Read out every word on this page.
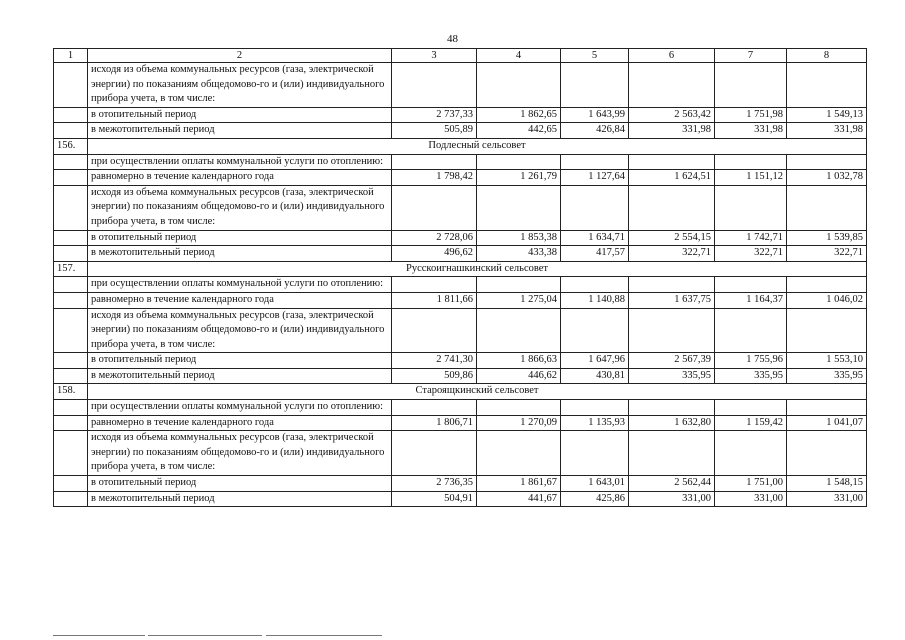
48
1	2	3	4	5	6	7	8
	исходя из объема коммунальных ресурсов (газа, электрической энергии) по показаниям общедомово-го и (или) индивидуального прибора учета, в том числе:						
	в отопительный период	2 737,33	1 862,65	1 643,99	2 563,42	1 751,98	1 549,13
	в межотопительный период	505,89	442,65	426,84	331,98	331,98	331,98
156.	Подлесный сельсовет						
	при осуществлении оплаты коммунальной услуги по отоплению:						
	равномерно в течение календарного года	1 798,42	1 261,79	1 127,64	1 624,51	1 151,12	1 032,78
	исходя из объема коммунальных ресурсов (газа, электрической энергии) по показаниям общедомово-го и (или) индивидуального прибора учета, в том числе:						
	в отопительный период	2 728,06	1 853,38	1 634,71	2 554,15	1 742,71	1 539,85
	в межотопительный период	496,62	433,38	417,57	322,71	322,71	322,71
157.	Русскоигнашкинский сельсовет						
	при осуществлении оплаты коммунальной услуги по отоплению:						
	равномерно в течение календарного года	1 811,66	1 275,04	1 140,88	1 637,75	1 164,37	1 046,02
	исходя из объема коммунальных ресурсов (газа, электрической энергии) по показаниям общедомово-го и (или) индивидуального прибора учета, в том числе:						
	в отопительный период	2 741,30	1 866,63	1 647,96	2 567,39	1 755,96	1 553,10
	в межотопительный период	509,86	446,62	430,81	335,95	335,95	335,95
158.	Староящкинский сельсовет						
	при осуществлении оплаты коммунальной услуги по отоплению:						
	равномерно в течение календарного года	1 806,71	1 270,09	1 135,93	1 632,80	1 159,42	1 041,07
	исходя из объема коммунальных ресурсов (газа, электрической энергии) по показаниям общедомово-го и (или) индивидуального прибора учета, в том числе:						
	в отопительный период	2 736,35	1 861,67	1 643,01	2 562,44	1 751,00	1 548,15
	в межотопительный период	504,91	441,67	425,86	331,00	331,00	331,00
